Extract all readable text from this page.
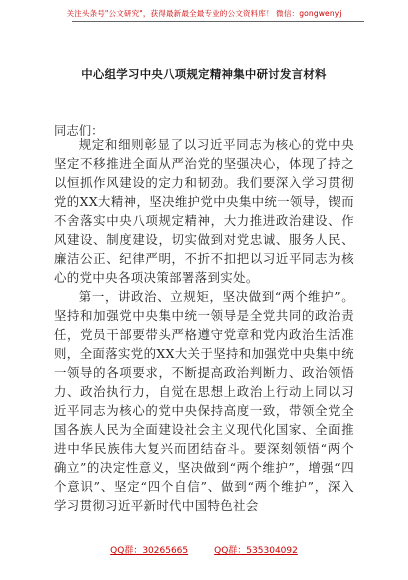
关注头条号"公文研究"，获得最新最全最专业的公文资料库！ 微信：gongwenyj
中心组学习中央八项规定精神集中研讨发言材料
同志们：

规定和细则彰显了以习近平同志为核心的党中央坚定不移推进全面从严治党的坚强决心，体现了持之以恒抓作风建设的定力和韧劲。我们要深入学习贯彻党的XX大精神，坚决维护党中央集中统一领导，锲而不舍落实中央八项规定精神，大力推进政治建设、作风建设、制度建设，切实做到对党忠诚、服务人民、廉洁公正、纪律严明，不折不扣把以习近平同志为核心的党中央各项决策部署落到实处。

第一，讲政治、立规矩，坚决做到“两个维护”。坚持和加强党中央集中统一领导是全党共同的政治责任，党员干部要带头严格遵守党章和党内政治生活准则，全面落实党的XX大关于坚持和加强党中央集中统一领导的各项要求，不断提高政治判断力、政治领悟力、政治执行力，自觉在思想上政治上行动上同以习近平同志为核心的党中央保持高度一致，带领全党全国各族人民为全面建设社会主义现代化国家、全面推进中华民族伟大复兴而团结奋斗。要深刻领悟“两个确立”的决定性意义，坚决做到“两个维护”，增强“四个意识”、坚定“四个自信”、做到“两个维护”，深入学习贯彻习近平新时代中国特色社会

QQ群：30265665	QQ群：535304092
